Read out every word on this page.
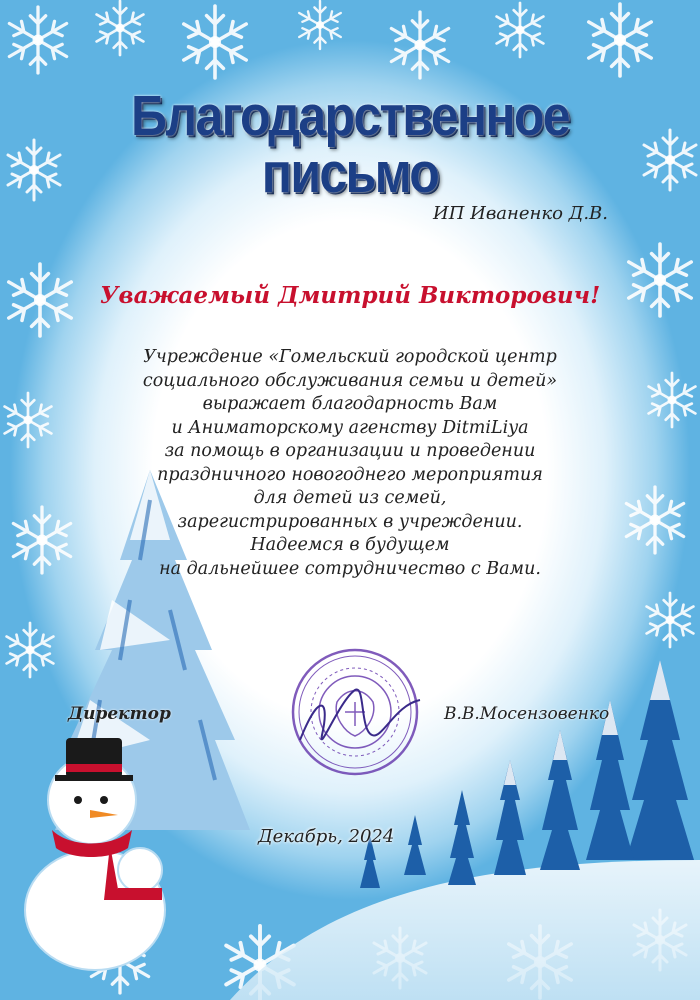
Благодарственное письмо
ИП Иваненко Д.В.
Уважаемый Дмитрий Викторович!
Учреждение «Гомельский городской центр
социального обслуживания семьи и детей»
выражает благодарность Вам
и Аниматорскому агенству DitmiLiya
за помощь в организации и проведении
праздничного новогоднего мероприятия
для детей из семей,
зарегистрированных в учреждении.
Надеемся в будущем
на дальнейшее сотрудничество с Вами.
Директор	В.В.Мосензовенко
Декабрь, 2024
